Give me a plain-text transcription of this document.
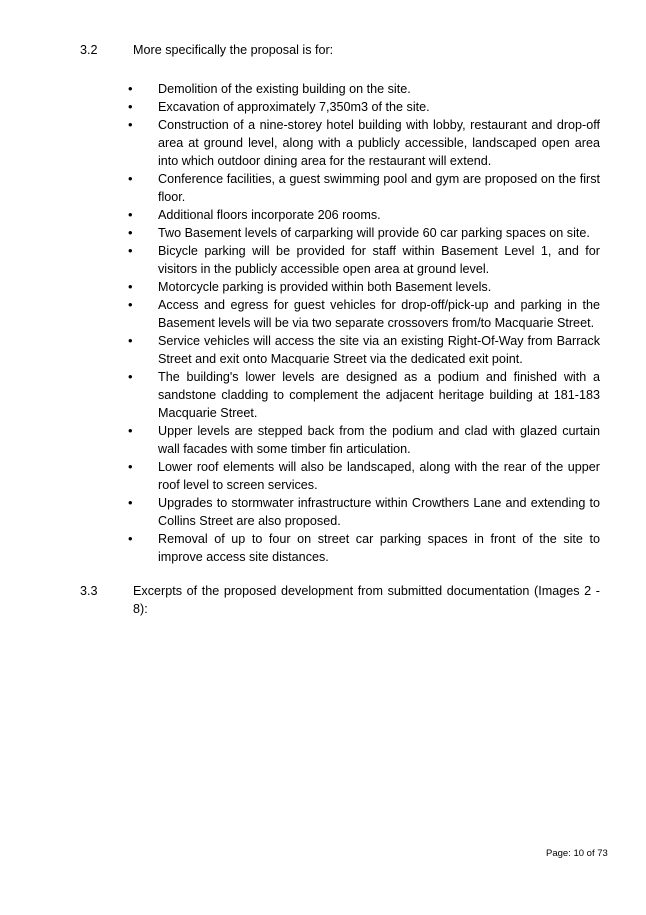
3.2	More specifically the proposal is for:
• Demolition of the existing building on the site.
• Excavation of approximately 7,350m3 of the site.
• Construction of a nine-storey hotel building with lobby, restaurant and drop-off area at ground level, along with a publicly accessible, landscaped open area into which outdoor dining area for the restaurant will extend.
• Conference facilities, a guest swimming pool and gym are proposed on the first floor.
• Additional floors incorporate 206 rooms.
• Two Basement levels of carparking will provide 60 car parking spaces on site.
• Bicycle parking will be provided for staff within Basement Level 1, and for visitors in the publicly accessible open area at ground level.
• Motorcycle parking is provided within both Basement levels.
• Access and egress for guest vehicles for drop-off/pick-up and parking in the Basement levels will be via two separate crossovers from/to Macquarie Street.
• Service vehicles will access the site via an existing Right-Of-Way from Barrack Street and exit onto Macquarie Street via the dedicated exit point.
• The building's lower levels are designed as a podium and finished with a sandstone cladding to complement the adjacent heritage building at 181-183 Macquarie Street.
• Upper levels are stepped back from the podium and clad with glazed curtain wall facades with some timber fin articulation.
• Lower roof elements will also be landscaped, along with the rear of the upper roof level to screen services.
• Upgrades to stormwater infrastructure within Crowthers Lane and extending to Collins Street are also proposed.
• Removal of up to four on street car parking spaces in front of the site to improve access site distances.
3.3	Excerpts of the proposed development from submitted documentation (Images 2 - 8):
Page: 10 of 73
